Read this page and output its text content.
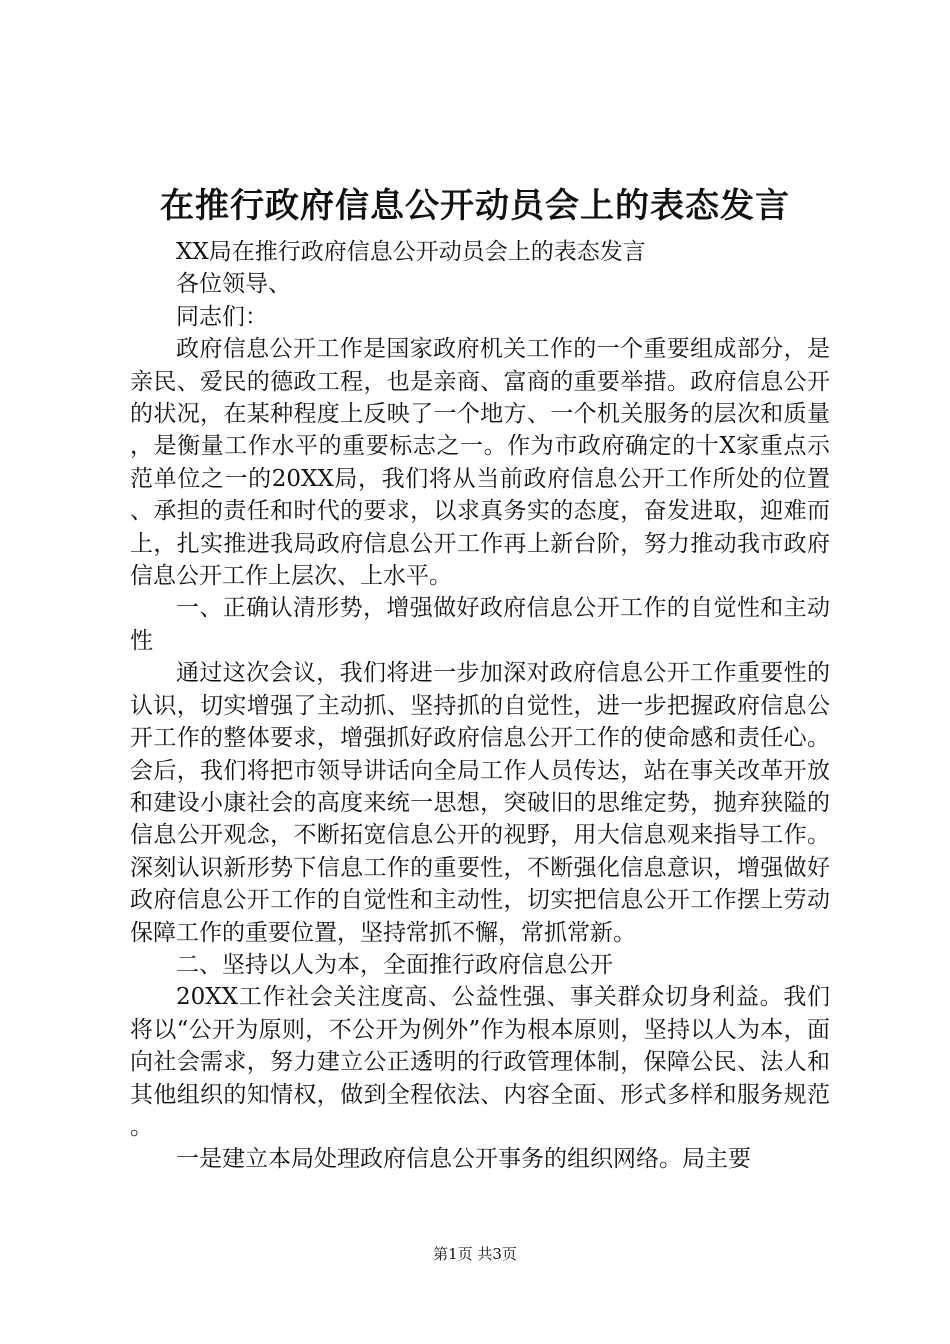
在推行政府信息公开动员会上的表态发言

XX局在推行政府信息公开动员会上的表态发言

各位领导、

同志们：

政府信息公开工作是国家政府机关工作的一个重要组成部分，是亲民、爱民的德政工程，也是亲商、富商的重要举措。政府信息公开的状况，在某种程度上反映了一个地方、一个机关服务的层次和质量，是衡量工作水平的重要标志之一。作为市政府确定的十X家重点示范单位之一的20XX局，我们将从当前政府信息公开工作所处的位置、承担的责任和时代的要求，以求真务实的态度，奋发进取，迎难而上，扎实推进我局政府信息公开工作再上新台阶，努力推动我市政府信息公开工作上层次、上水平。

一、正确认清形势，增强做好政府信息公开工作的自觉性和主动性

通过这次会议，我们将进一步加深对政府信息公开工作重要性的认识，切实增强了主动抓、坚持抓的自觉性，进一步把握政府信息公开工作的整体要求，增强抓好政府信息公开工作的使命感和责任心。会后，我们将把市领导讲话向全局工作人员传达，站在事关改革开放和建设小康社会的高度来统一思想，突破旧的思维定势，抛弃狭隘的信息公开观念，不断拓宽信息公开的视野，用大信息观来指导工作。深刻认识新形势下信息工作的重要性，不断强化信息意识，增强做好政府信息公开工作的自觉性和主动性，切实把信息公开工作摆上劳动保障工作的重要位置，坚持常抓不懈，常抓常新。

二、坚持以人为本，全面推行政府信息公开

20XX工作社会关注度高、公益性强、事关群众切身利益。我们将以“公开为原则，不公开为例外”作为根本原则，坚持以人为本，面向社会需求，努力建立公正透明的行政管理体制，保障公民、法人和其他组织的知情权，做到全程依法、内容全面、形式多样和服务规范。

一是建立本局处理政府信息公开事务的组织网络。局主要

第1页 共3页
